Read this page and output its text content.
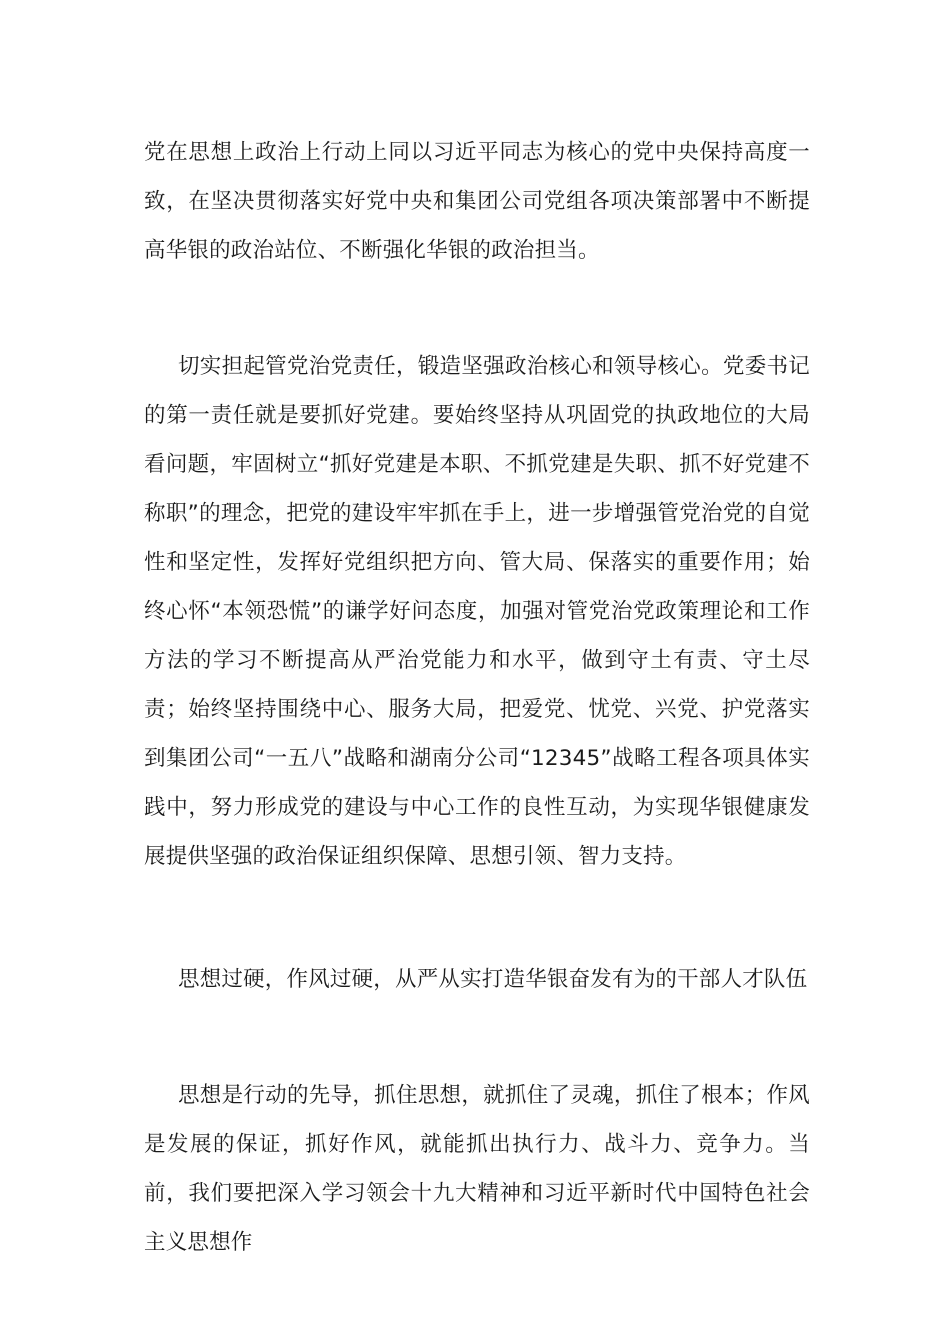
党在思想上政治上行动上同以习近平同志为核心的党中央保持高度一致，在坚决贯彻落实好党中央和集团公司党组各项决策部署中不断提高华银的政治站位、不断强化华银的政治担当。

切实担起管党治党责任，锻造坚强政治核心和领导核心。党委书记的第一责任就是要抓好党建。要始终坚持从巩固党的执政地位的大局看问题，牢固树立“抓好党建是本职、不抓党建是失职、抓不好党建不称职”的理念，把党的建设牢牢抓在手上，进一步增强管党治党的自觉性和坚定性，发挥好党组织把方向、管大局、保落实的重要作用；始终心怀“本领恐慌”的谦学好问态度，加强对管党治党政策理论和工作方法的学习不断提高从严治党能力和水平，做到守土有责、守土尽责；始终坚持围绕中心、服务大局，把爱党、忧党、兴党、护党落实到集团公司“一五八”战略和湖南分公司“12345”战略工程各项具体实践中，努力形成党的建设与中心工作的良性互动，为实现华银健康发展提供坚强的政治保证组织保障、思想引领、智力支持。

思想过硬，作风过硬，从严从实打造华银奋发有为的干部人才队伍

思想是行动的先导，抓住思想，就抓住了灵魂，抓住了根本；作风是发展的保证，抓好作风，就能抓出执行力、战斗力、竞争力。当前，我们要把深入学习领会十九大精神和习近平新时代中国特色社会主义思想作
